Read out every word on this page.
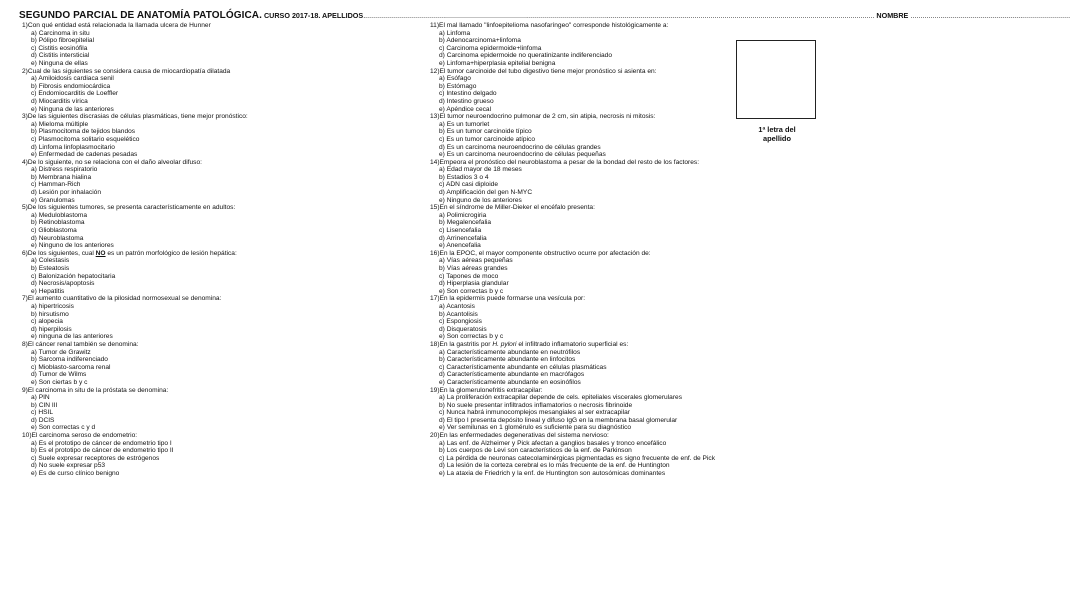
SEGUNDO PARCIAL DE ANATOMÍA PATOLÓGICA. CURSO 2017-18. APELLIDOS................................................................................................................................................................................................................................................................ NOMBRE ................................................................................
1)Con qué entidad está relacionada la llamada ulcera de Hunner
a) Carcinoma in situ
b) Pólipo fibroepitelial
c) Cistitis eosinófila
d) Cistitis intersticial
e) Ninguna de ellas
2)Cual de las siguientes se considera causa de miocardiopatía dilatada
a) Amiloidosis cardiaca senil
b) Fibrosis endomiocárdica
c) Endomiocarditis de Loeffler
d) Miocarditis vírica
e) Ninguna de las anteriores
3)De las siguientes discrasias de células plasmáticas, tiene mejor pronóstico:
a) Mieloma múltiple
b) Plasmocitoma de tejidos blandos
c) Plasmocitoma solitario esquelético
d) Linfoma linfoplasmocitario
e) Enfermedad de cadenas pesadas
4)De lo siguiente, no se relaciona con el daño alveolar difuso:
a) Distress respiratorio
b) Membrana hialina
c) Hamman-Rich
d) Lesión por inhalación
e) Granulomas
5)De los siguientes tumores, se presenta característicamente en adultos:
a) Meduloblastoma
b) Retinoblastoma
c) Glioblastoma
d) Neuroblastoma
e) Ninguno de los anteriores
6)De los siguientes, cual NO es un patrón morfológico de lesión hepática:
a) Colestasis
b) Esteatosis
c) Balonización hepatocitaria
d) Necrosis/apoptosis
e) Hepatitis
7)El aumento cuantitativo de la pilosidad normosexual se denomina:
a) hipertricosis
b) hirsutismo
c) alopecia
d) hiperpilosis
e) ninguna de las anteriores
8)El cáncer renal también se denomina:
a) Tumor de Grawitz
b) Sarcoma indiferenciado
c) Mioblasto-sarcoma renal
d) Tumor de Wilms
e) Son ciertas b y c
9)El carcinoma in situ de la próstata se denomina:
a) PIN
b) CIN III
c) HSIL
d) DCIS
e) Son correctas c y d
10)El carcinoma seroso de endometrio:
a) Es el prototipo de cáncer de endometrio tipo I
b) Es el prototipo de cáncer de endometrio tipo II
c) Suele expresar receptores de estrógenos
d) No suele expresar p53
e) Es de curso clínico benigno
11)El mal llamado "linfoepitelioma nasofaríngeo" corresponde histológicamente a:
a) Linfoma
b) Adenocarcinoma+linfoma
c) Carcinoma epidermoide+linfoma
d) Carcinoma epidermoide no queratinizante indiferenciado
e) Linfoma+hiperplasia epitelial benigna
12)El tumor carcinoide del tubo digestivo tiene mejor pronóstico si asienta en:
a) Esófago
b) Estómago
c) Intestino delgado
d) Intestino grueso
e) Apéndice cecal
13)El tumor neuroendocrino pulmonar de 2 cm, sin atipia, necrosis ni mitosis:
a) Es un tumorlet
b) Es un tumor carcinoide típico
c) Es un tumor carcinoide atípico
d) Es un carcinoma neuroendocrino de células grandes
e) Es un carcinoma neuroendocrino de células pequeñas
14)Empeora el pronóstico del neuroblastoma a pesar de la bondad del resto de los factores:
a) Edad mayor de 18 meses
b) Estadios 3 o 4
c) ADN casi diploide
d) Amplificación del gen N-MYC
e) Ninguno de los anteriores
15)En el síndrome de Miller-Dieker el encéfalo presenta:
a) Polimicrogiria
b) Megalencefalia
c) Lisencefalia
d) Arrinencefalia
e) Anencefalia
16)En la EPOC, el mayor componente obstructivo ocurre por afectación de:
a) Vías aéreas pequeñas
b) Vías aéreas grandes
c) Tapones de moco
d) Hiperplasia glandular
e) Son correctas b y c
17)En la epidermis puede formarse una vesícula por:
a) Acantosis
b) Acantolisis
c) Espongiosis
d) Disqueratosis
e) Son correctas b y c
18)En la gastritis por H. pylori el infiltrado inflamatorio superficial es:
a) Característicamente abundante en neutrófilos
b) Característicamente abundante en linfocitos
c) Característicamente abundante en células plasmáticas
d) Característicamente abundante en macrófagos
e) Característicamente abundante en eosinófilos
19)En la glomerulonefritis extracapilar:
a) La proliferación extracapilar depende de cels. epiteliales viscerales glomerulares
b) No suele presentar infiltrados inflamatorios o necrosis fibrinoide
c) Nunca habrá inmunocomplejos mesangiales al ser extracapilar
d) El tipo I presenta depósito lineal y difuso IgG en la membrana basal glomerular
e) Ver semilunas en 1 glomérulo es suficiente para su diagnóstico
20)En las enfermedades degenerativas del sistema nervioso:
a) Las enf. de Alzheimer y Pick afectan a ganglios basales y tronco encefálico
b) Los cuerpos de Levi son característicos de la enf. de Parkinson
c) La pérdida de neuronas catecolaminérgicas pigmentadas es signo frecuente de enf. de Pick
d) La lesión de la corteza cerebral es lo más frecuente de la enf. de Huntington
e) La ataxia de Friedrich y la enf. de Huntington son autosómicas dominantes
1ª letra del
apellido
